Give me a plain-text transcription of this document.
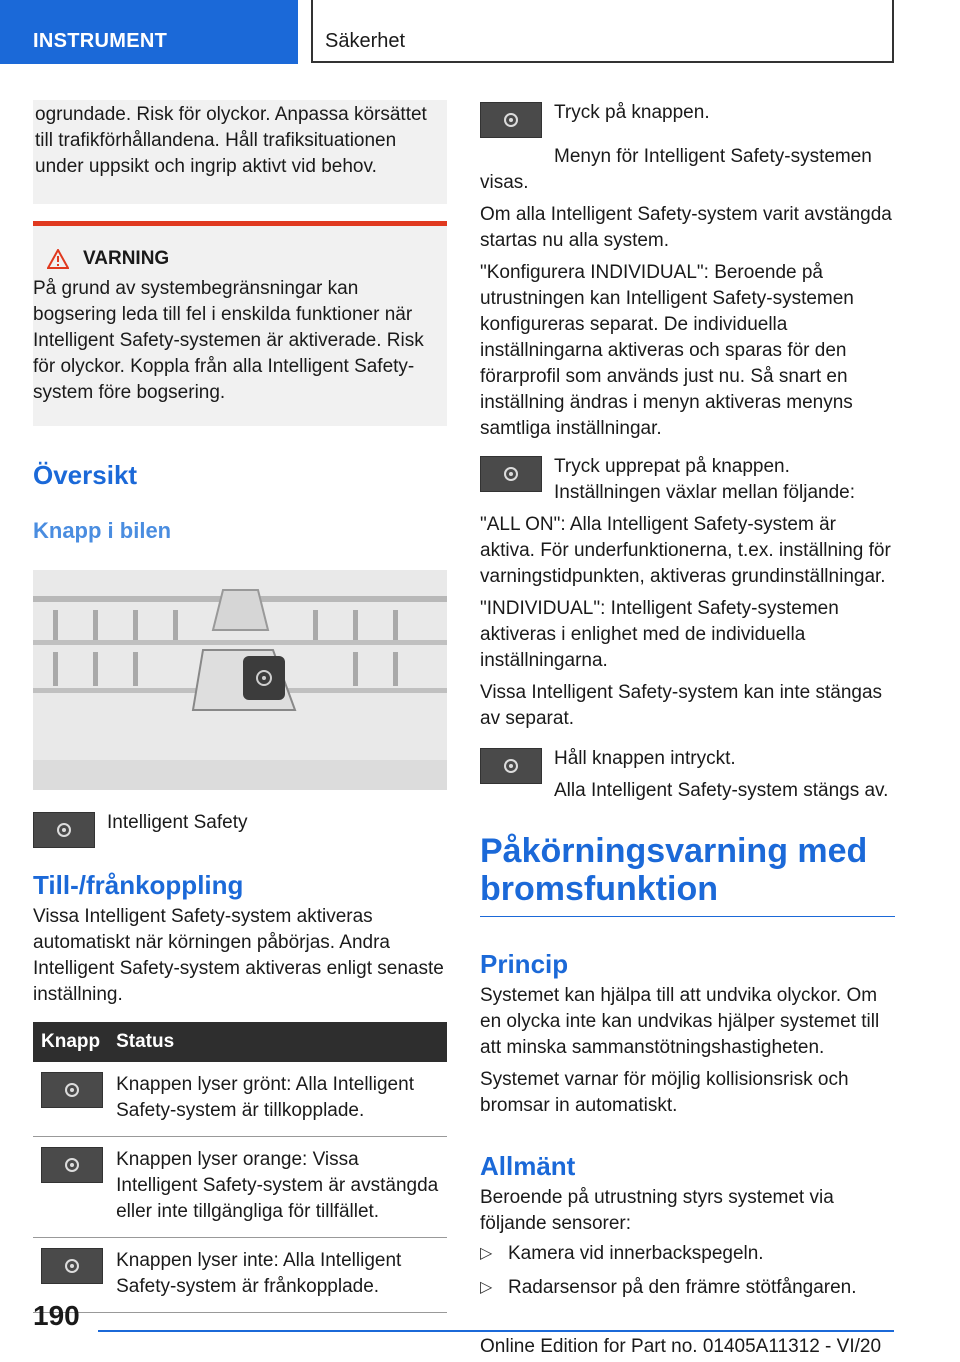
INSTRUMENT	Säkerhet

ogrundade. Risk för olyckor. Anpassa körsättet till trafikförhållandena. Håll trafiksituationen under uppsikt och ingrip aktivt vid behov.

VARNING

På grund av systembegränsningar kan bogsering leda till fel i enskilda funktioner när Intelligent Safety-systemen är aktiverade. Risk för olyckor. Koppla från alla Intelligent Safety-system före bogsering.

Översikt
Knapp i bilen

Intelligent Safety

Till-/frånkoppling

Vissa Intelligent Safety-system aktiveras automatiskt när körningen påbörjas. Andra Intelligent Safety-system aktiveras enligt senaste inställning.

Knapp	Status

	Knappen lyser grönt: Alla Intelligent Safety-system är tillkopplade.

	Knappen lyser orange: Vissa Intelligent Safety-system är avstängda eller inte tillgängliga för tillfället.

	Knappen lyser inte: Alla Intelligent Safety-system är frånkopplade.

Tryck på knappen.

Menyn för Intelligent Safety-systemen visas.

Om alla Intelligent Safety-system varit avstängda startas nu alla system.

"Konfigurera INDIVIDUAL": Beroende på utrustningen kan Intelligent Safety-systemen konfigureras separat. De individuella inställningarna aktiveras och sparas för den förarprofil som används just nu. Så snart en inställning ändras i menyn aktiveras menyns samtliga inställningar.

Tryck upprepat på knappen. Inställningen växlar mellan följande:

"ALL ON": Alla Intelligent Safety-system är aktiva. För underfunktionerna, t.ex. inställning för varningstidpunkten, aktiveras grundinställningar.

"INDIVIDUAL": Intelligent Safety-systemen aktiveras i enlighet med de individuella inställningarna.

Vissa Intelligent Safety-system kan inte stängas av separat.

Håll knappen intryckt.

Alla Intelligent Safety-system stängs av.

Påkörningsvarning med bromsfunktion
Princip

Systemet kan hjälpa till att undvika olyckor. Om en olycka inte kan undvikas hjälper systemet till att minska sammanstötningshastigheten.

Systemet varnar för möjlig kollisionsrisk och bromsar in automatiskt.

Allmänt

Beroende på utrustning styrs systemet via följande sensorer:

▷ Kamera vid innerbackspegeln.
▷ Radarsensor på den främre stötfångaren.
190
Online Edition for Part no. 01405A11312 - VI/20
